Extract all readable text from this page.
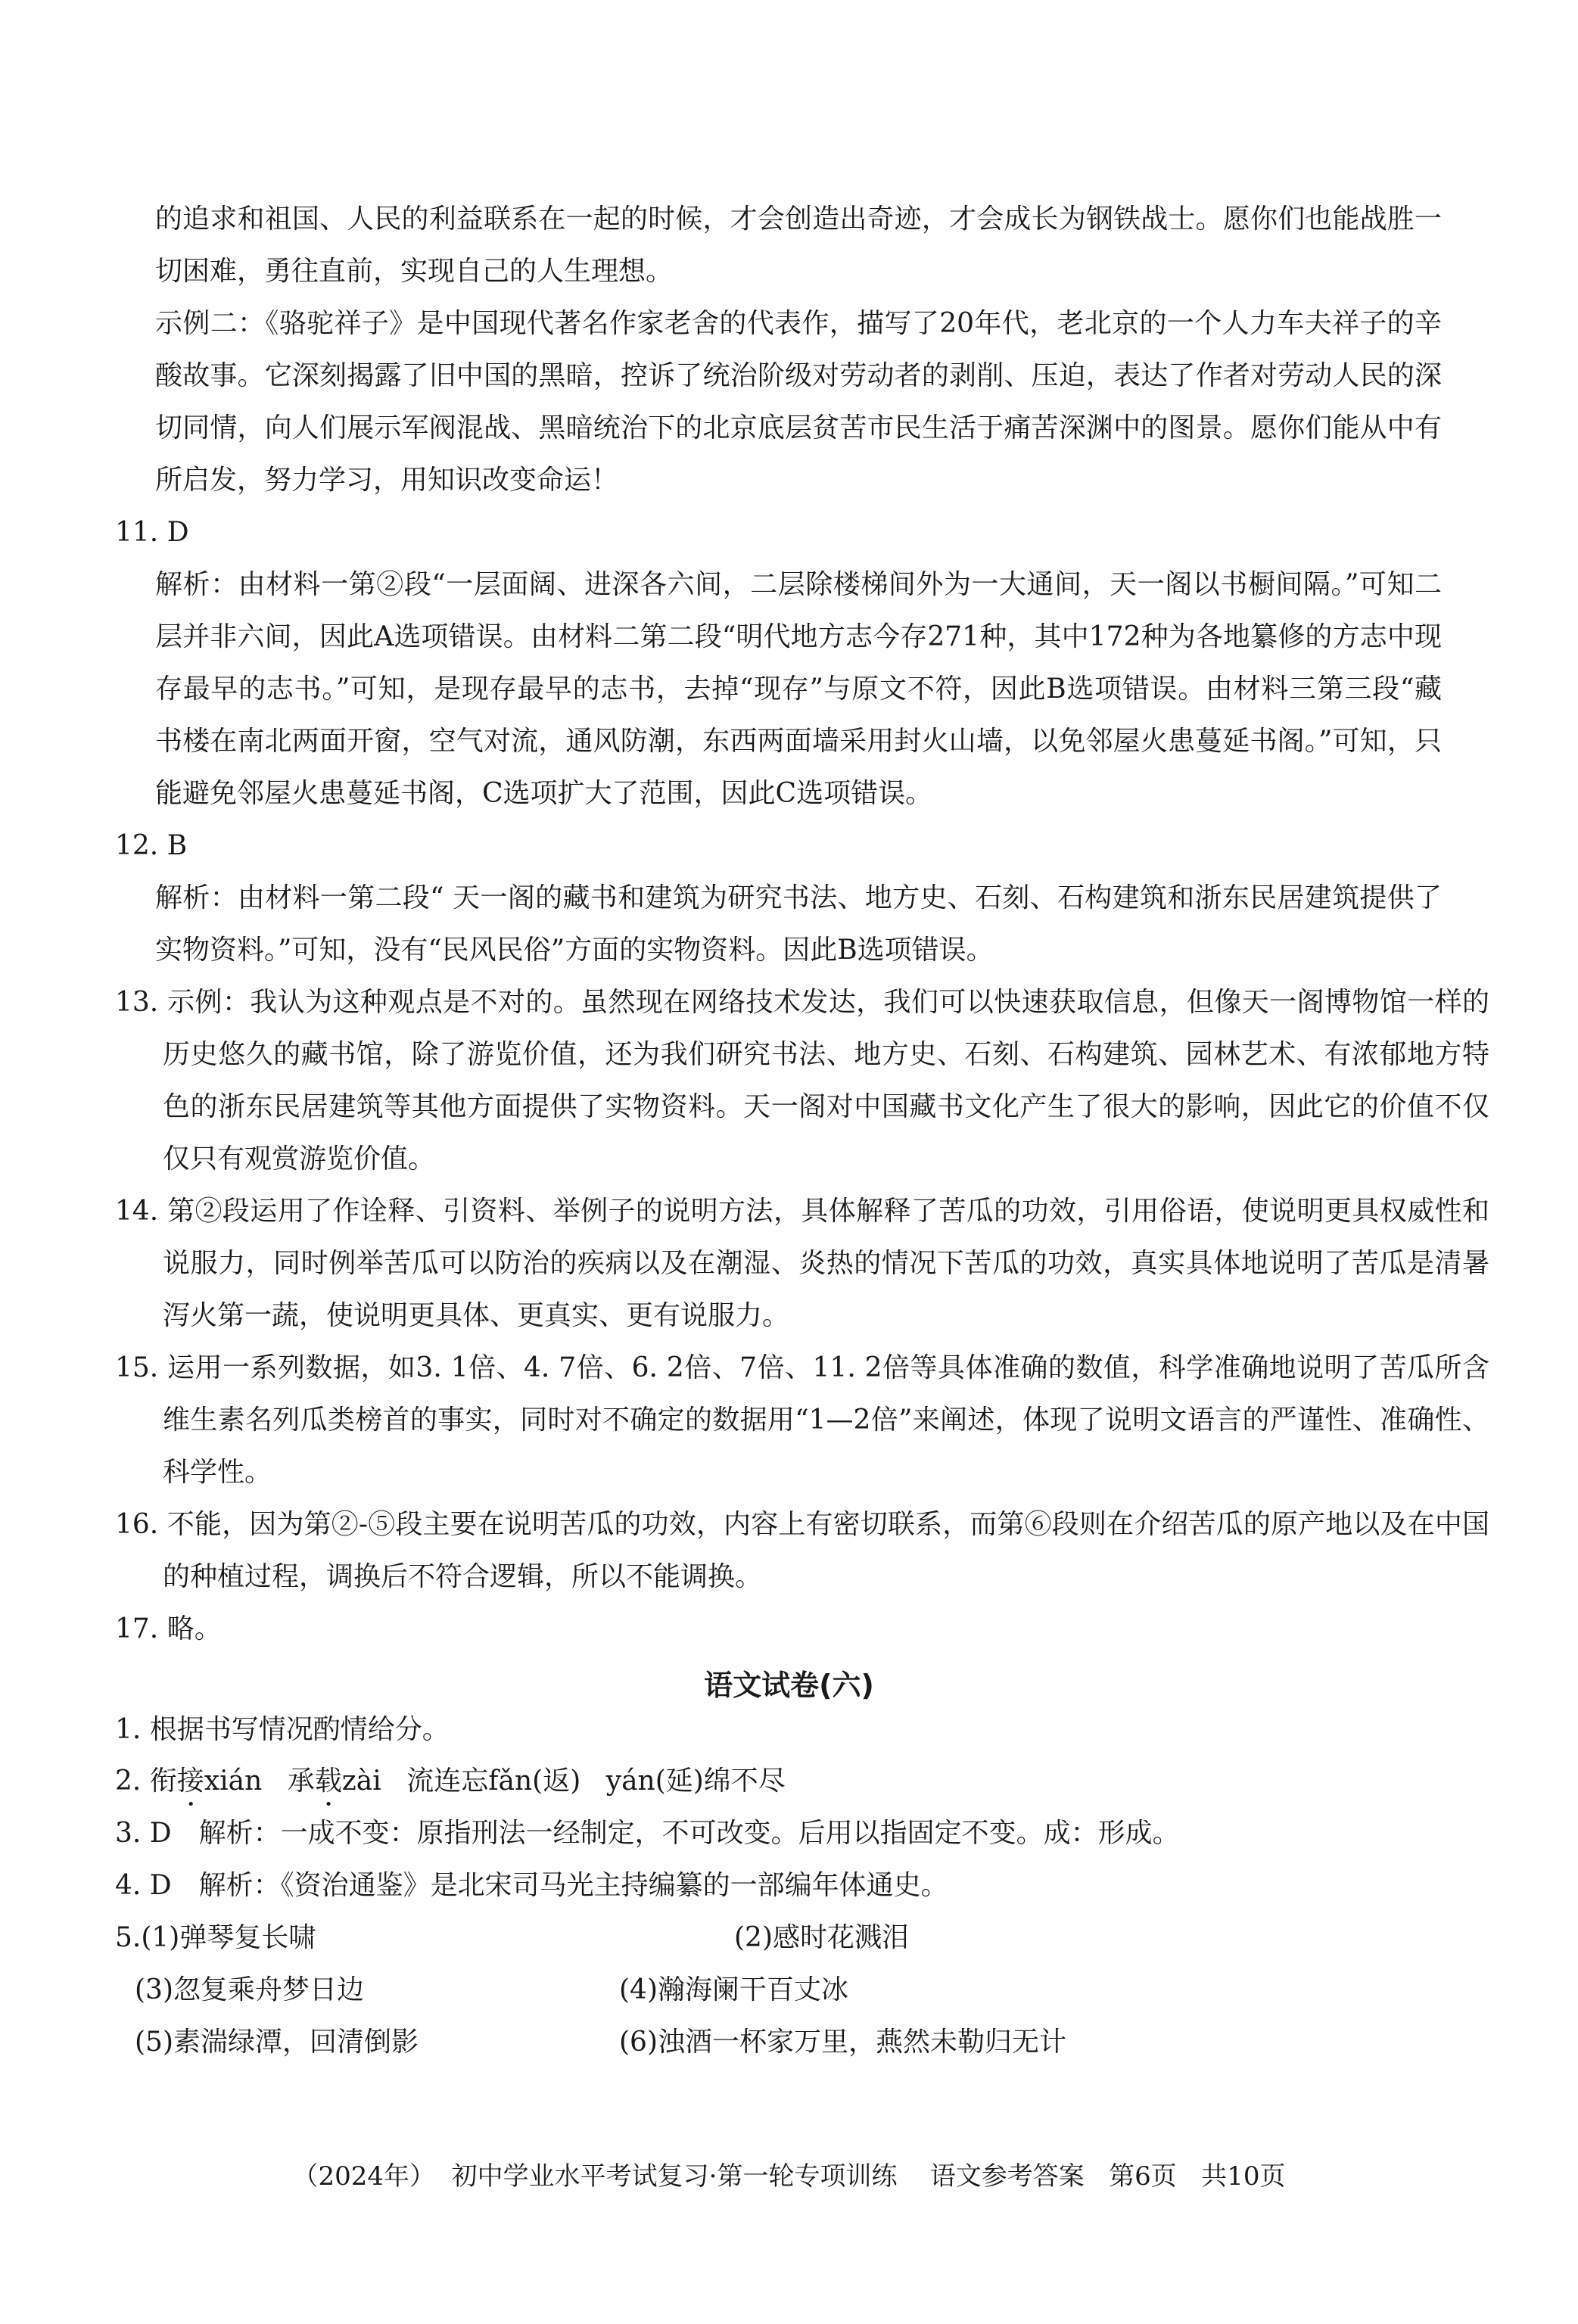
的追求和祖国、人民的利益联系在一起的时候，才会创造出奇迹，才会成长为钢铁战士。愿你们也能战胜一切困难，勇往直前，实现自己的人生理想。

示例二：《骆驼祥子》是中国现代著名作家老舍的代表作，描写了20年代，老北京的一个人力车夫祥子的辛酸故事。它深刻揭露了旧中国的黑暗，控诉了统治阶级对劳动者的剥削、压迫，表达了作者对劳动人民的深切同情，向人们展示军阀混战、黑暗统治下的北京底层贫苦市民生活于痛苦深渊中的图景。愿你们能从中有所启发，努力学习，用知识改变命运！

11. D

解析：由材料一第②段“一层面阔、进深各六间，二层除楼梯间外为一大通间，天一阁以书橱间隔。”可知二层并非六间，因此A选项错误。由材料二第二段“明代地方志今存271种，其中172种为各地纂修的方志中现存最早的志书。”可知，是现存最早的志书，去掉“现存”与原文不符，因此B选项错误。由材料三第三段“藏书楼在南北两面开窗，空气对流，通风防潮，东西两面墙采用封火山墙，以免邻屋火患蔓延书阁。”可知，只能避免邻屋火患蔓延书阁，C选项扩大了范围，因此C选项错误。

12. B

解析：由材料一第二段“ 天一阁的藏书和建筑为研究书法、地方史、石刻、石构建筑和浙东民居建筑提供了实物资料。”可知，没有“民风民俗”方面的实物资料。因此B选项错误。

13. 示例：我认为这种观点是不对的。虽然现在网络技术发达，我们可以快速获取信息，但像天一阁博物馆一样的历史悠久的藏书馆，除了游览价值，还为我们研究书法、地方史、石刻、石构建筑、园林艺术、有浓郁地方特色的浙东民居建筑等其他方面提供了实物资料。天一阁对中国藏书文化产生了很大的影响，因此它的价值不仅仅只有观赏游览价值。

14. 第②段运用了作诠释、引资料、举例子的说明方法，具体解释了苦瓜的功效，引用俗语，使说明更具权威性和说服力，同时例举苦瓜可以防治的疾病以及在潮湿、炎热的情况下苦瓜的功效，真实具体地说明了苦瓜是清暑泻火第一蔬，使说明更具体、更真实、更有说服力。

15. 运用一系列数据，如3. 1倍、4. 7倍、6. 2倍、7倍、11. 2倍等具体准确的数值，科学准确地说明了苦瓜所含维生素名列瓜类榜首的事实，同时对不确定的数据用“1—2倍”来阐述，体现了说明文语言的严谨性、准确性、科学性。

16. 不能，因为第②-⑤段主要在说明苦瓜的功效，内容上有密切联系，而第⑥段则在介绍苦瓜的原产地以及在中国的种植过程，调换后不符合逻辑，所以不能调换。

17. 略。

语文试卷(六)
1. 根据书写情况酌情给分。
2. 衔接xián 承载zài 流连忘fǎn(返) yán(延)绵不尽
3. D　解析：一成不变：原指刑法一经制定，不可改变。后用以指固定不变。成：形成。
4. D　解析：《资治通鉴》是北宋司马光主持编纂的一部编年体通史。
5.(1)弹琴复长啸	(2)感时花溅泪
(3)忽复乘舟梦日边	(4)瀚海阑干百丈冰
(5)素湍绿潭，回清倒影	(6)浊酒一杯家万里，燕然未勒归无计
（2024年）  初中学业水平考试复习·第一轮专项训练    语文参考答案   第6页   共10页
